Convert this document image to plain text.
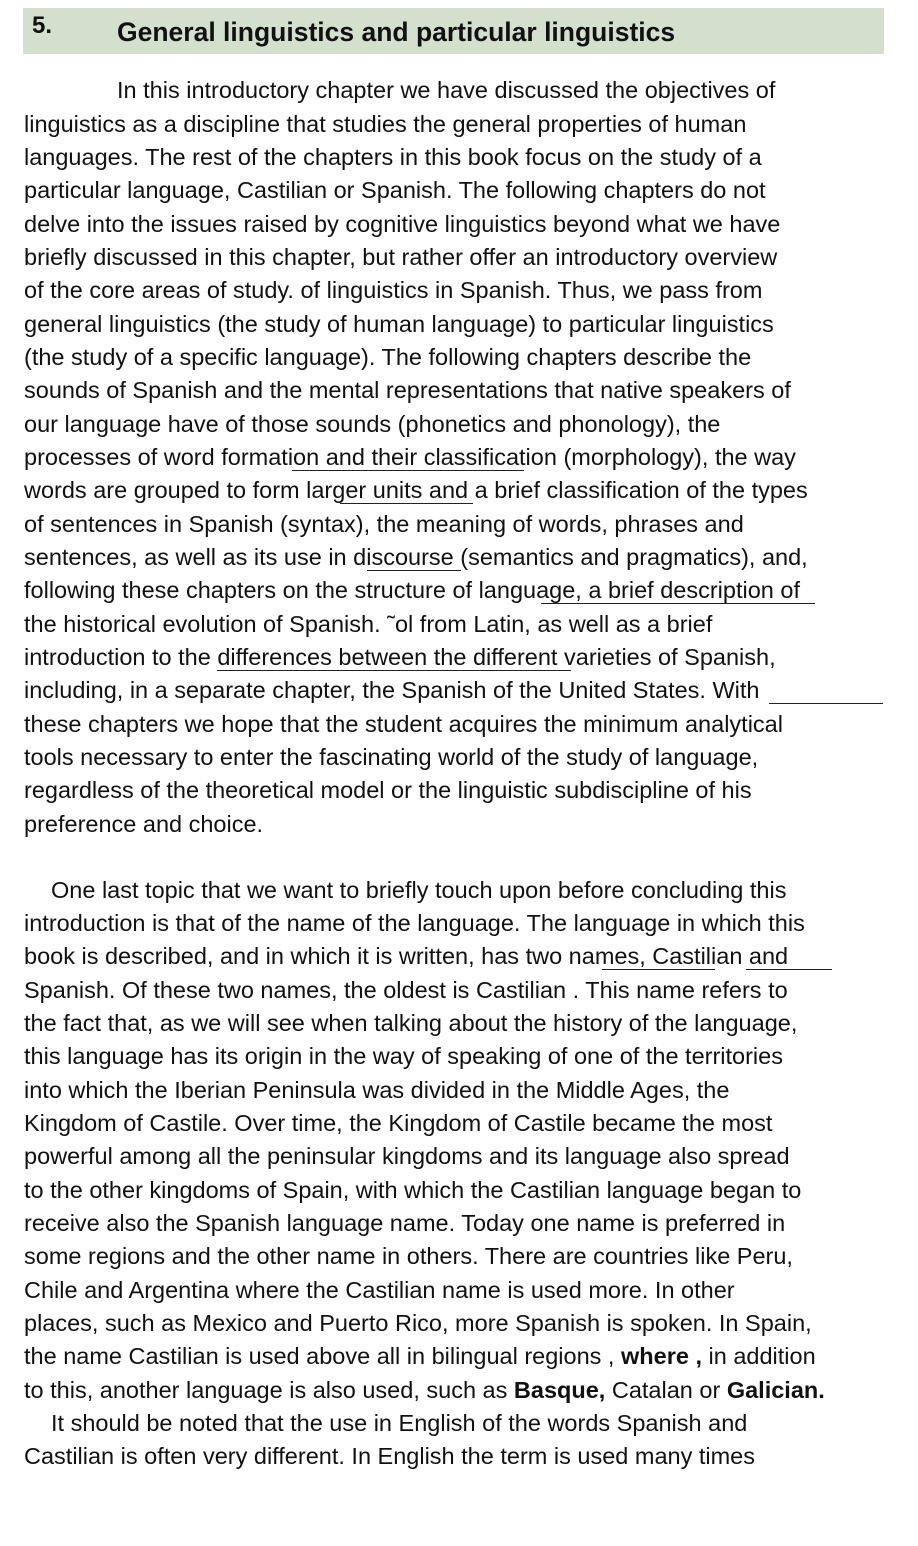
5. General linguistics and particular linguistics
In this introductory chapter we have discussed the objectives of
linguistics as a discipline that studies the general properties of human
languages. The rest of the chapters in this book focus on the study of a
particular language, Castilian or Spanish. The following chapters do not
delve into the issues raised by cognitive linguistics beyond what we have
briefly discussed in this chapter, but rather offer an introductory overview
of the core areas of study. of linguistics in Spanish. Thus, we pass from
general linguistics (the study of human language) to particular linguistics
(the study of a specific language). The following chapters describe the
sounds of Spanish and the mental representations that native speakers of
our language have of those sounds (phonetics and phonology), the
processes of word formation and their classification (morphology), the way
words are grouped to form larger units and a brief classification of the types
of sentences in Spanish (syntax), the meaning of words, phrases and
sentences, as well as its use in discourse (semantics and pragmatics), and,
following these chapters on the structure of language, a brief description of
the historical evolution of Spanish. ˜ol from Latin, as well as a brief
introduction to the differences between the different varieties of Spanish,
including, in a separate chapter, the Spanish of the United States. With
these chapters we hope that the student acquires the minimum analytical
tools necessary to enter the fascinating world of the study of language,
regardless of the theoretical model or the linguistic subdiscipline of his
preference and choice.
One last topic that we want to briefly touch upon before concluding this
introduction is that of the name of the language. The language in which this
book is described, and in which it is written, has two names, Castilian and
Spanish. Of these two names, the oldest is Castilian . This name refers to
the fact that, as we will see when talking about the history of the language,
this language has its origin in the way of speaking of one of the territories
into which the Iberian Peninsula was divided in the Middle Ages, the
Kingdom of Castile. Over time, the Kingdom of Castile became the most
powerful among all the peninsular kingdoms and its language also spread
to the other kingdoms of Spain, with which the Castilian language began to
receive also the Spanish language name. Today one name is preferred in
some regions and the other name in others. There are countries like Peru,
Chile and Argentina where the Castilian name is used more. In other
places, such as Mexico and Puerto Rico, more Spanish is spoken. In Spain,
the name Castilian is used above all in bilingual regions , where , in addition
to this, another language is also used, such as Basque, Catalan or Galician.
It should be noted that the use in English of the words Spanish and
Castilian is often very different. In English the term is used many times
